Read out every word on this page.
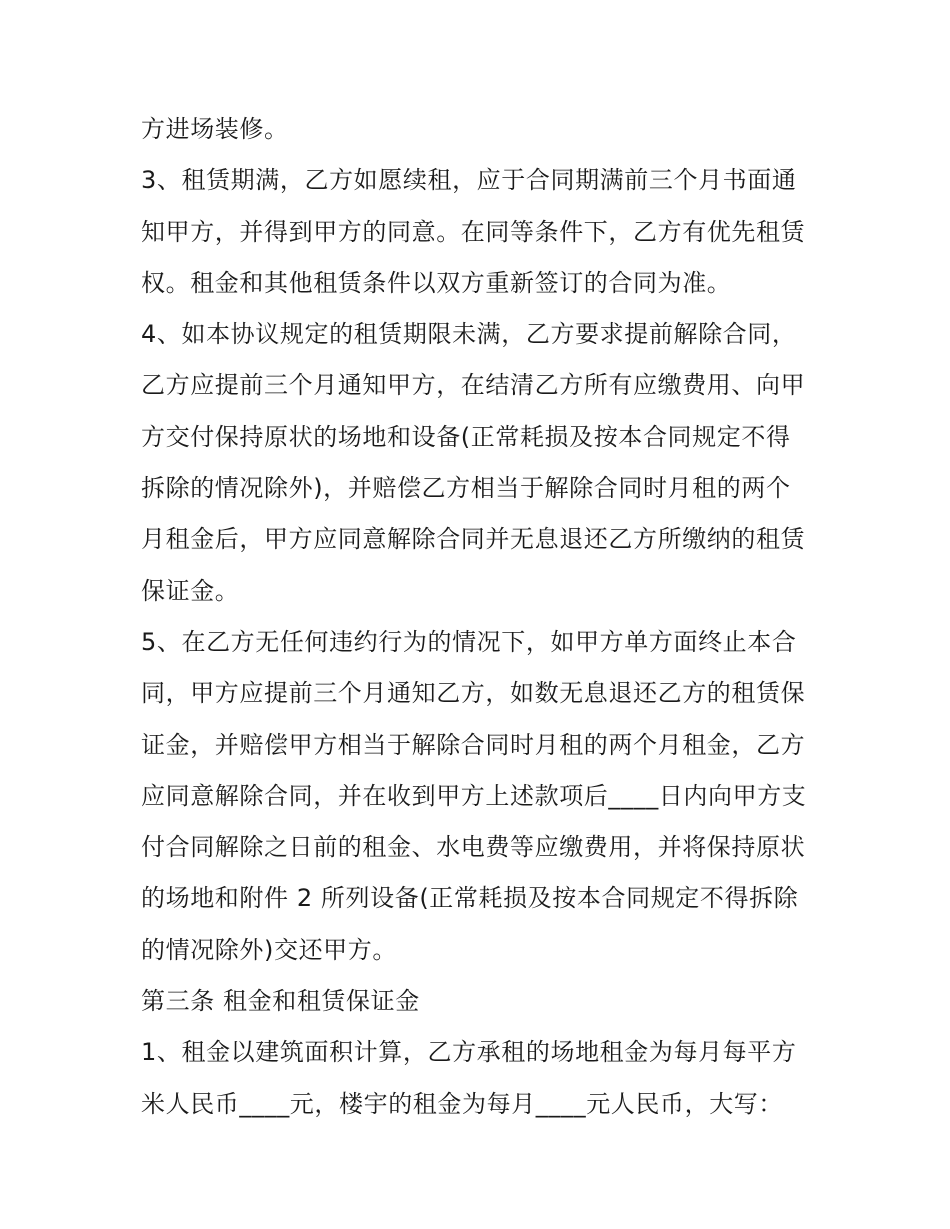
方进场装修。
3、租赁期满，乙方如愿续租，应于合同期满前三个月书面通
知甲方，并得到甲方的同意。在同等条件下，乙方有优先租赁
权。租金和其他租赁条件以双方重新签订的合同为准。
4、如本协议规定的租赁期限未满，乙方要求提前解除合同，
乙方应提前三个月通知甲方，在结清乙方所有应缴费用、向甲
方交付保持原状的场地和设备(正常耗损及按本合同规定不得
拆除的情况除外)，并赔偿乙方相当于解除合同时月租的两个
月租金后，甲方应同意解除合同并无息退还乙方所缴纳的租赁
保证金。
5、在乙方无任何违约行为的情况下，如甲方单方面终止本合
同，甲方应提前三个月通知乙方，如数无息退还乙方的租赁保
证金，并赔偿甲方相当于解除合同时月租的两个月租金，乙方
应同意解除合同，并在收到甲方上述款项后____日内向甲方支
付合同解除之日前的租金、水电费等应缴费用，并将保持原状
的场地和附件 2 所列设备(正常耗损及按本合同规定不得拆除
的情况除外)交还甲方。
第三条 租金和租赁保证金
1、租金以建筑面积计算，乙方承租的场地租金为每月每平方
米人民币____元，楼宇的租金为每月____元人民币，大写：
